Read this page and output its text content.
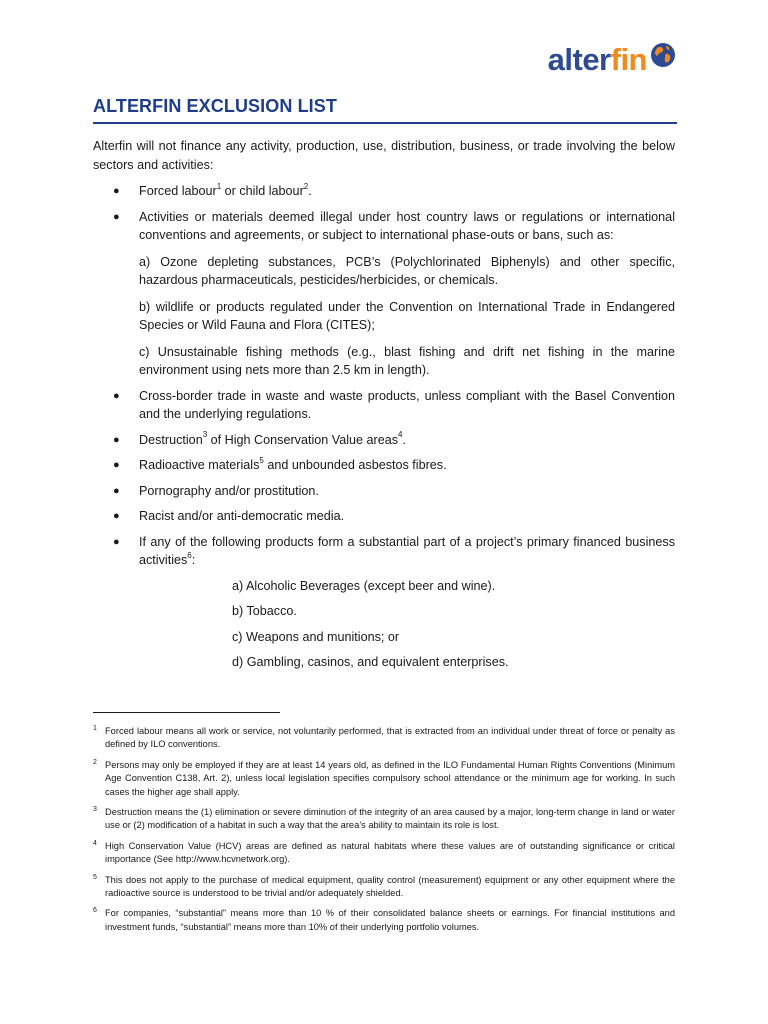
alter fin
ALTERFIN EXCLUSION LIST

Alterfin will not finance any activity, production, use, distribution, business, or trade involving the below sectors and activities:

● Forced labour$^1$ or child labour$^2$.
● Activities or materials deemed illegal under host country laws or regulations or international conventions and agreements, or subject to international phase-outs or bans, such as:

a) Ozone depleting substances, PCB’s (Polychlorinated Biphenyls) and other specific, hazardous pharmaceuticals, pesticides/herbicides, or chemicals.

b) wildlife or products regulated under the Convention on International Trade in Endangered Species or Wild Fauna and Flora (CITES);

c) Unsustainable fishing methods (e.g., blast fishing and drift net fishing in the marine environment using nets more than 2.5 km in length).

● Cross-border trade in waste and waste products, unless compliant with the Basel Convention and the underlying regulations.
● Destruction$^3$ of High Conservation Value areas$^4$.
● Radioactive materials$^5$ and unbounded asbestos fibres.
● Pornography and/or prostitution.
● Racist and/or anti-democratic media.
● If any of the following products form a substantial part of a project’s primary financed business activities$^6$:
a) Alcoholic Beverages (except beer and wine).
b) Tobacco.
c) Weapons and munitions; or
d) Gambling, casinos, and equivalent enterprises.
1 Forced labour means all work or service, not voluntarily performed, that is extracted from an individual under threat of force or penalty as defined by ILO conventions.
2 Persons may only be employed if they are at least 14 years old, as defined in the ILO Fundamental Human Rights Conventions (Minimum Age Convention C138, Art. 2), unless local legislation specifies compulsory school attendance or the minimum age for working. In such cases the higher age shall apply.
3 Destruction means the (1) elimination or severe diminution of the integrity of an area caused by a major, long-term change in land or water use or (2) modification of a habitat in such a way that the area’s ability to maintain its role is lost.
4 High Conservation Value (HCV) areas are defined as natural habitats where these values are of outstanding significance or critical importance (See http://www.hcvnetwork.org).
5 This does not apply to the purchase of medical equipment, quality control (measurement) equipment or any other equipment where the radioactive source is understood to be trivial and/or adequately shielded.
6 For companies, “substantial” means more than 10 % of their consolidated balance sheets or earnings. For financial institutions and investment funds, “substantial” means more than 10% of their underlying portfolio volumes.
